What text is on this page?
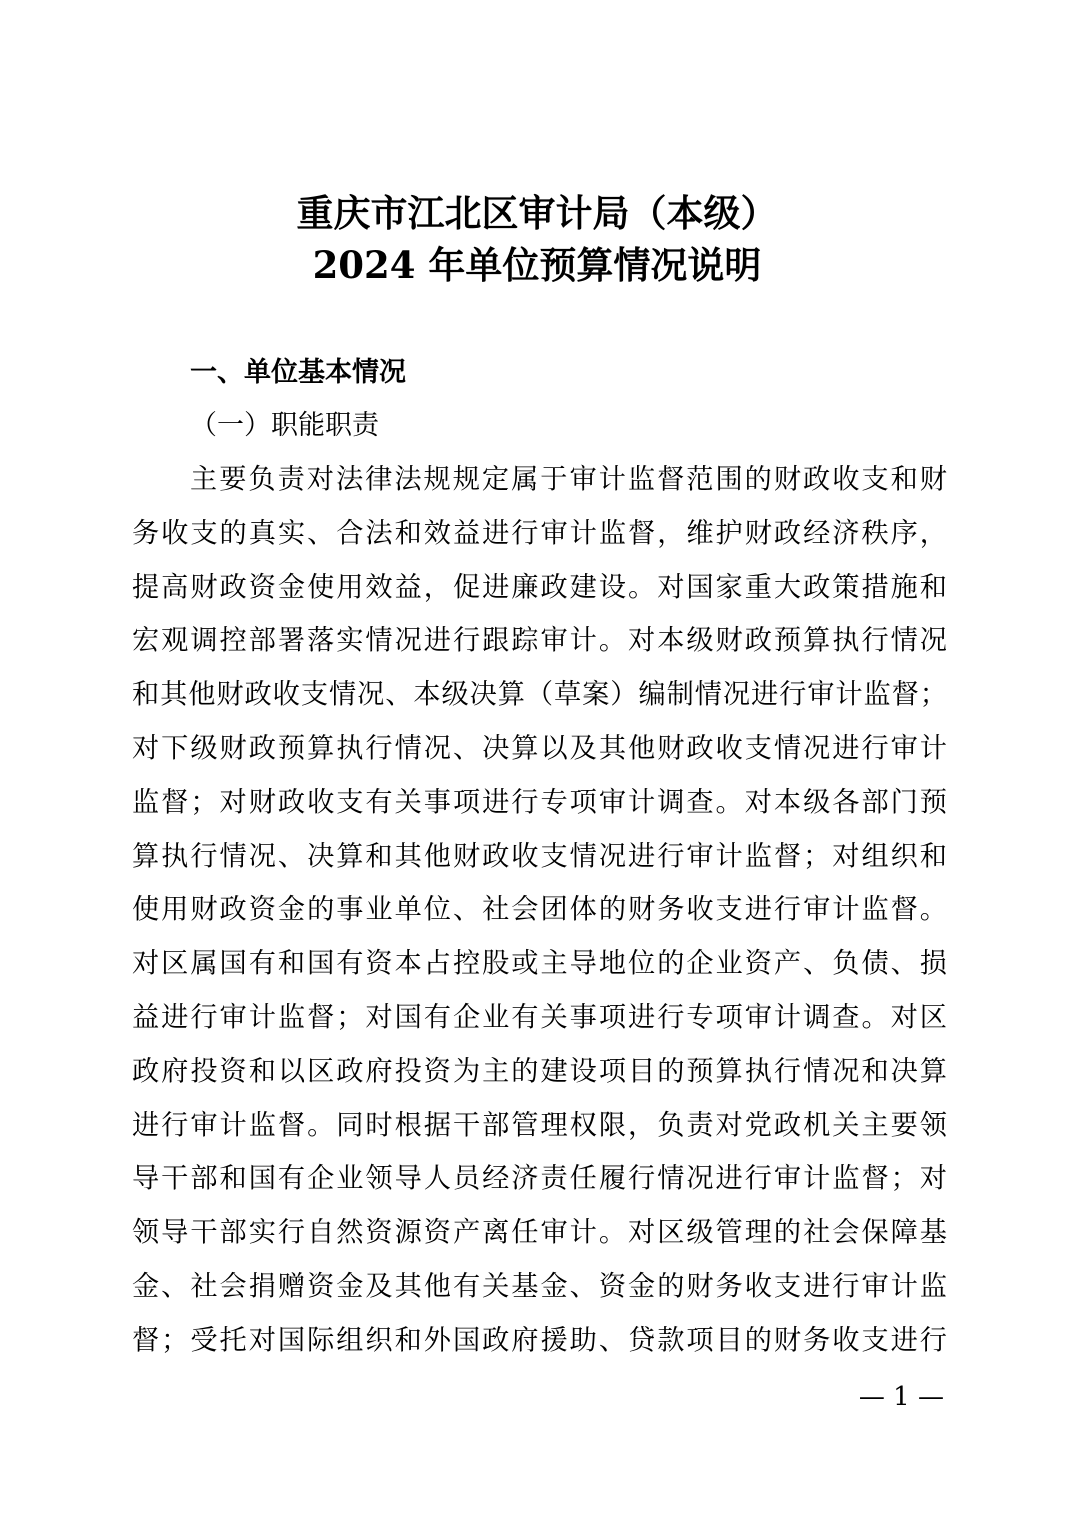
重庆市江北区审计局（本级）
2024 年单位预算情况说明
一、单位基本情况
（一）职能职责
主要负责对法律法规规定属于审计监督范围的财政收支和财
务收支的真实、合法和效益进行审计监督，维护财政经济秩序，
提高财政资金使用效益，促进廉政建设。对国家重大政策措施和
宏观调控部署落实情况进行跟踪审计。对本级财政预算执行情况
和其他财政收支情况、本级决算（草案）编制情况进行审计监督；
对下级财政预算执行情况、决算以及其他财政收支情况进行审计
监督；对财政收支有关事项进行专项审计调查。对本级各部门预
算执行情况、决算和其他财政收支情况进行审计监督；对组织和
使用财政资金的事业单位、社会团体的财务收支进行审计监督。
对区属国有和国有资本占控股或主导地位的企业资产、负债、损
益进行审计监督；对国有企业有关事项进行专项审计调查。对区
政府投资和以区政府投资为主的建设项目的预算执行情况和决算
进行审计监督。同时根据干部管理权限，负责对党政机关主要领
导干部和国有企业领导人员经济责任履行情况进行审计监督；对
领导干部实行自然资源资产离任审计。对区级管理的社会保障基
金、社会捐赠资金及其他有关基金、资金的财务收支进行审计监
督；受托对国际组织和外国政府援助、贷款项目的财务收支进行
— 1 —
